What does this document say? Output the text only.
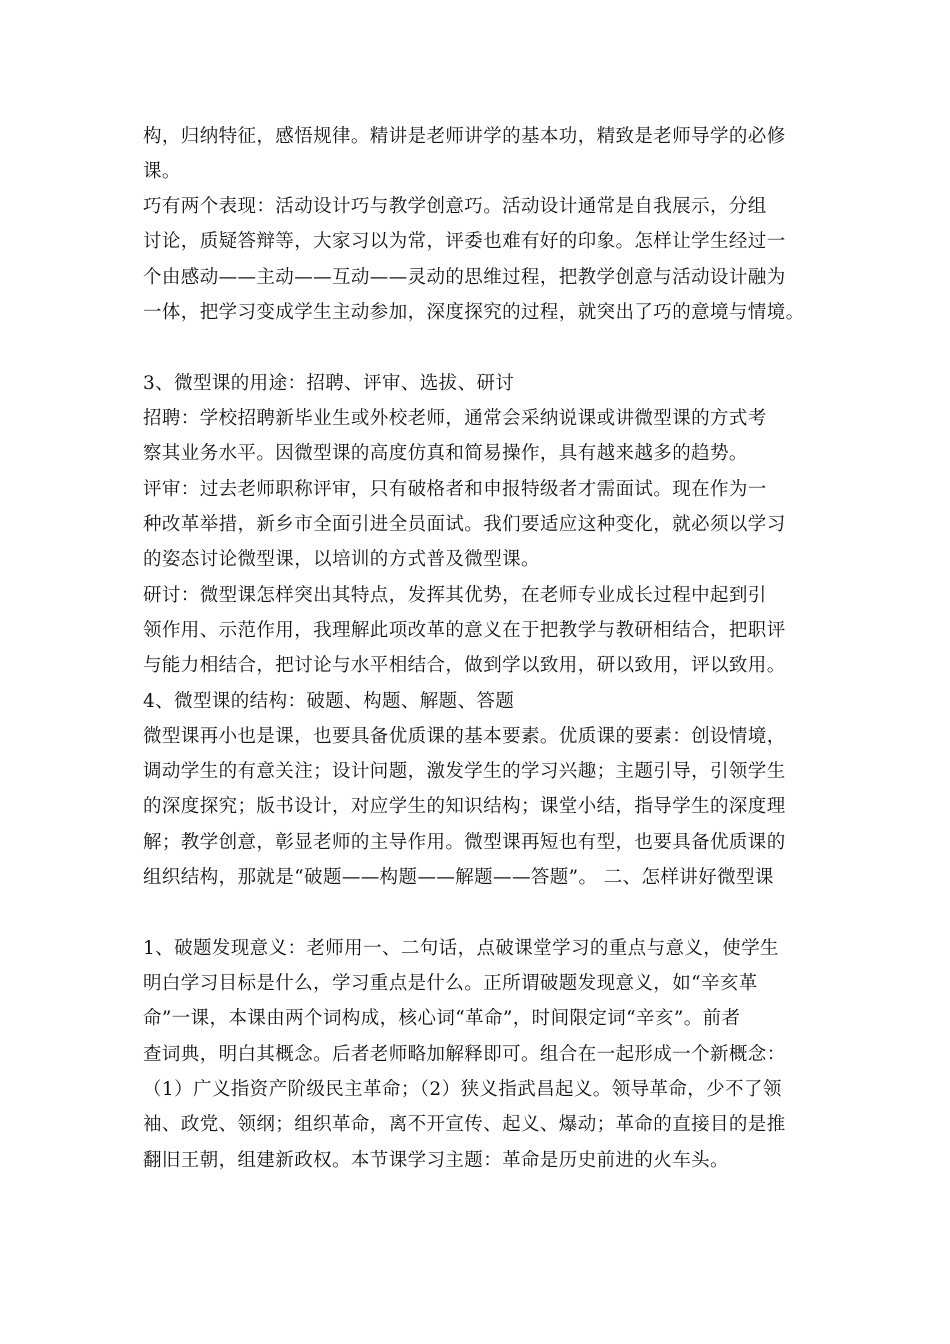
构，归纳特征，感悟规律。精讲是老师讲学的基本功，精致是老师导学的必修
课。
巧有两个表现：活动设计巧与教学创意巧。活动设计通常是自我展示，分组
讨论，质疑答辩等，大家习以为常，评委也难有好的印象。怎样让学生经过一
个由感动——主动——互动——灵动的思维过程，把教学创意与活动设计融为
一体，把学习变成学生主动参加，深度探究的过程，就突出了巧的意境与情境。
3、微型课的用途：招聘、评审、选拔、研讨
招聘：学校招聘新毕业生或外校老师，通常会采纳说课或讲微型课的方式考
察其业务水平。因微型课的高度仿真和简易操作，具有越来越多的趋势。
评审：过去老师职称评审，只有破格者和申报特级者才需面试。现在作为一
种改革举措，新乡市全面引进全员面试。我们要适应这种变化，就必须以学习
的姿态讨论微型课，以培训的方式普及微型课。
研讨：微型课怎样突出其特点，发挥其优势，在老师专业成长过程中起到引
领作用、示范作用，我理解此项改革的意义在于把教学与教研相结合，把职评
与能力相结合，把讨论与水平相结合，做到学以致用，研以致用，评以致用。
4、微型课的结构：破题、构题、解题、答题
微型课再小也是课，也要具备优质课的基本要素。优质课的要素：创设情境，
调动学生的有意关注；设计问题，激发学生的学习兴趣；主题引导，引领学生
的深度探究；版书设计，对应学生的知识结构；课堂小结，指导学生的深度理
解；教学创意，彰显老师的主导作用。微型课再短也有型，也要具备优质课的
组织结构，那就是“破题——构题——解题——答题”。 二、怎样讲好微型课
1、破题发现意义：老师用一、二句话，点破课堂学习的重点与意义，使学生
明白学习目标是什么，学习重点是什么。正所谓破题发现意义，如“辛亥革
命”一课，本课由两个词构成，核心词“革命”，时间限定词“辛亥”。前者
查词典，明白其概念。后者老师略加解释即可。组合在一起形成一个新概念：
（1）广义指资产阶级民主革命；（2）狭义指武昌起义。领导革命，少不了领
袖、政党、领纲；组织革命，离不开宣传、起义、爆动；革命的直接目的是推
翻旧王朝，组建新政权。本节课学习主题：革命是历史前进的火车头。
